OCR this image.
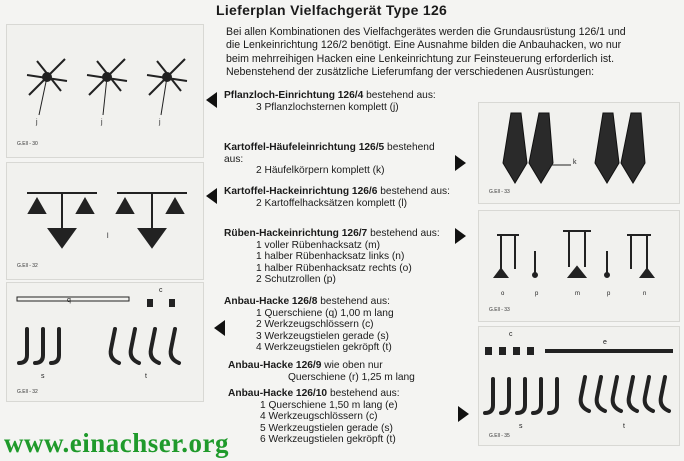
Lieferplan Vielfachgerät Type 126
Bei allen Kombinationen des Vielfachgerätes werden die Grundausrüstung 126/1 und
die Lenkeinrichtung 126/2 benötigt. Eine Ausnahme bilden die Anbauhacken, wo nur
beim mehrreihigen Hacken eine Lenkeinrichtung zur Feinsteuerung erforderlich ist.
Nebenstehend der zusätzliche Lieferumfang der verschiedenen Ausrüstungen:
Pflanzloch-Einrichtung 126/4 bestehend aus:
3 Pflanzlochsternen komplett (j)
Kartoffel-Häufeleinrichtung 126/5 bestehend
aus:
2 Häufelkörpern komplett (k)
Kartoffel-Hackeinrichtung 126/6 bestehend aus:
2 Kartoffelhacksätzen komplett (l)
Rüben-Hackeinrichtung 126/7 bestehend aus:
1 voller Rübenhacksatz (m)
1 halber Rübenhacksatz links (n)
1 halber Rübenhacksatz rechts (o)
2 Schutzrollen (p)
Anbau-Hacke 126/8 bestehend aus:
1 Querschiene (q) 1,00 m lang
2 Werkzeugschlössern (c)
3 Werkzeugstielen gerade (s)
4 Werkzeugstielen gekröpft (t)
Anbau-Hacke 126/9 wie oben nur
Querschiene (r) 1,25 m lang
Anbau-Hacke 126/10 bestehend aus:
1 Querschiene 1,50 m lang (e)
4 Werkzeugschlössern (c)
5 Werkzeugstielen gerade (s)
6 Werkzeugstielen gekröpft (t)
j	j	j
G.Ell - 30
l
G.Ell - 32
q
c
s	t
G.Ell - 32
k
G.Ell - 33
o	p	m	p	n
G.Ell - 33
c
e
s	t
G.Ell - 35
www.einachser.org
